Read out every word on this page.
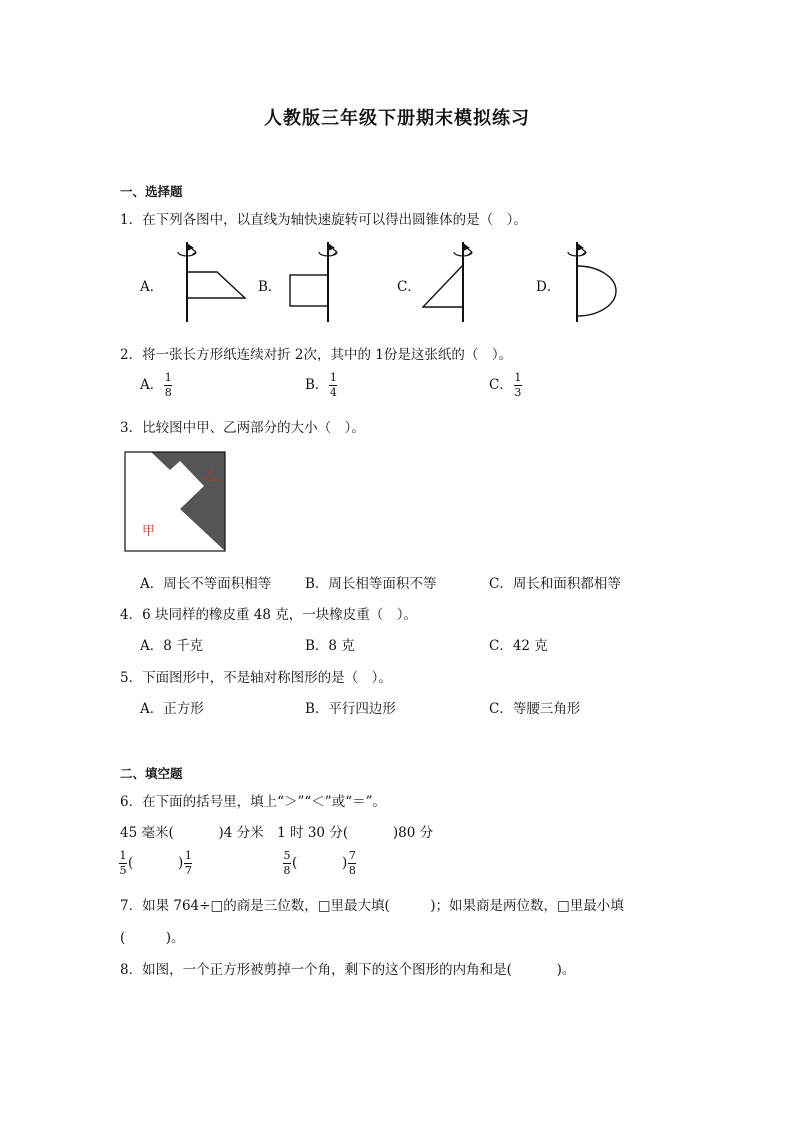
人教版三年级下册期末模拟练习
一、选择题
1．在下列各图中，以直线为轴快速旋转可以得出圆锥体的是（　）。
A．	B．	C．	D．
2．将一张长方形纸连续对折 2次，其中的 1份是这张纸的（　）。
A． $\frac{1}{8}$	B． $\frac{1}{4}$	C． $\frac{1}{3}$
3．比较图中甲、乙两部分的大小（　）。
乙
甲
A．周长不等面积相等	B．周长相等面积不等	C．周长和面积都相等
4．6 块同样的橡皮重 48 克，一块橡皮重（　）。
A．8 千克	B．8 克	C．42 克
5．下面图形中，不是轴对称图形的是（　）。
A．正方形	B．平行四边形	C．等腰三角形
二、填空题
6．在下面的括号里，填上“＞”“＜”或“＝”。
45 毫米(　　　 )4 分米　1 时 30 分(　　　 )80 分
$\frac{1}{5}$ (　　　 ) $\frac{1}{7}$	$\frac{5}{8}$ (　　　 ) $\frac{7}{8}$
7．如果 764÷□的商是三位数，□里最大填(　　　)；如果商是两位数，□里最小填
(　　　)。
8．如图，一个正方形被剪掉一个角，剩下的这个图形的内角和是(　　　 )。
